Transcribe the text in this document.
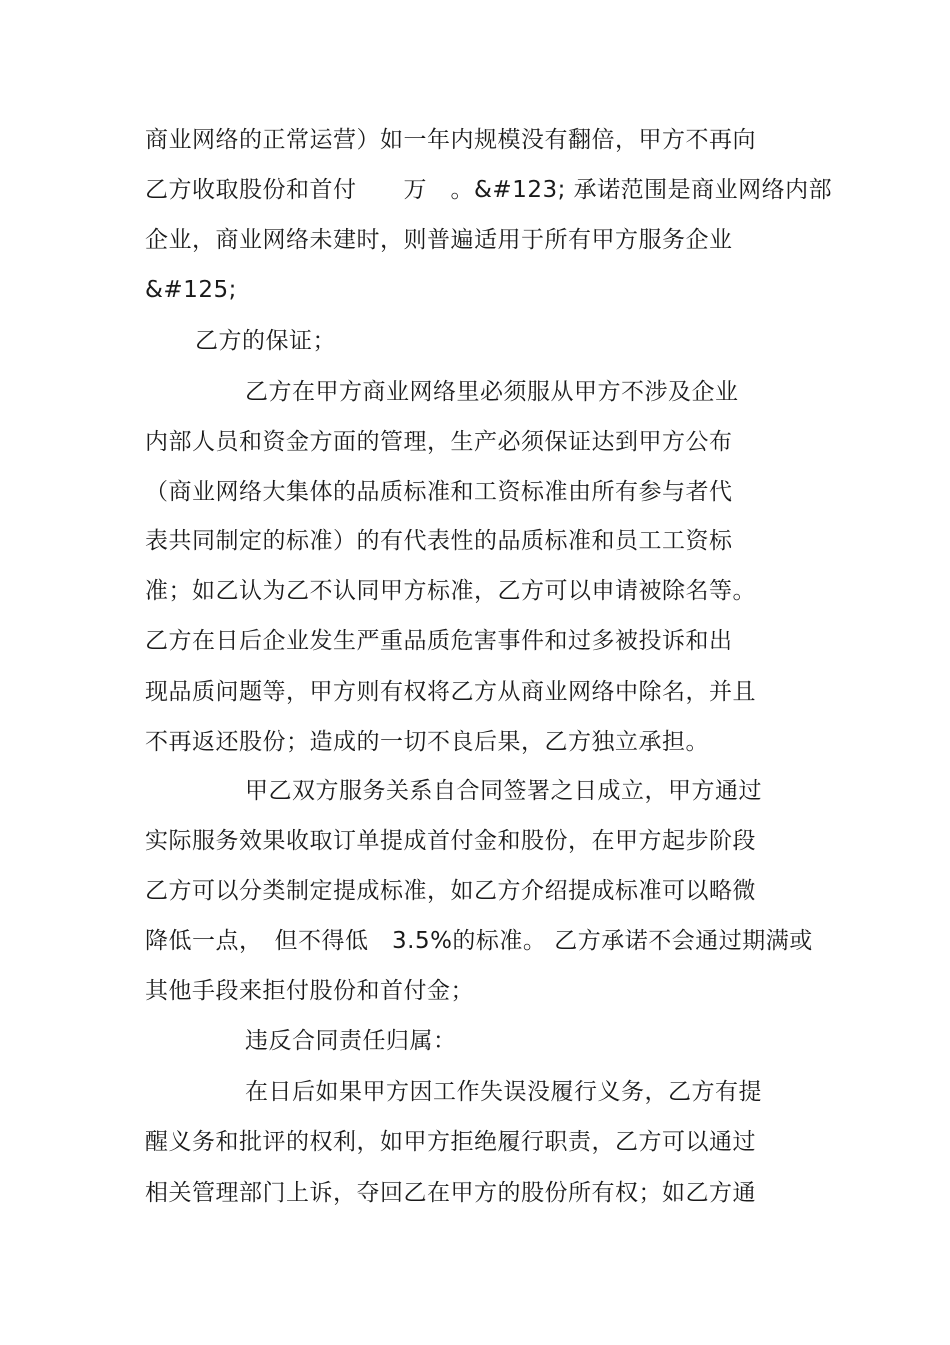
商业网络的正常运营）如一年内规模没有翻倍，甲方不再向
乙方收取股份和首付　　万　。&#123; 承诺范围是商业网络内部
企业，商业网络未建时，则普遍适用于所有甲方服务企业
&#125;
乙方的保证；
乙方在甲方商业网络里必须服从甲方不涉及企业
内部人员和资金方面的管理，生产必须保证达到甲方公布
（商业网络大集体的品质标准和工资标准由所有参与者代
表共同制定的标准）的有代表性的品质标准和员工工资标
准；如乙认为乙不认同甲方标准，乙方可以申请被除名等。
乙方在日后企业发生严重品质危害事件和过多被投诉和出
现品质问题等，甲方则有权将乙方从商业网络中除名，并且
不再返还股份；造成的一切不良后果，乙方独立承担。
甲乙双方服务关系自合同签署之日成立，甲方通过
实际服务效果收取订单提成首付金和股份，在甲方起步阶段
乙方可以分类制定提成标准，如乙方介绍提成标准可以略微
降低一点，　但不得低　3.5%的标准。 乙方承诺不会通过期满或
其他手段来拒付股份和首付金；
违反合同责任归属：
在日后如果甲方因工作失误没履行义务，乙方有提
醒义务和批评的权利，如甲方拒绝履行职责，乙方可以通过
相关管理部门上诉，夺回乙在甲方的股份所有权；如乙方通
